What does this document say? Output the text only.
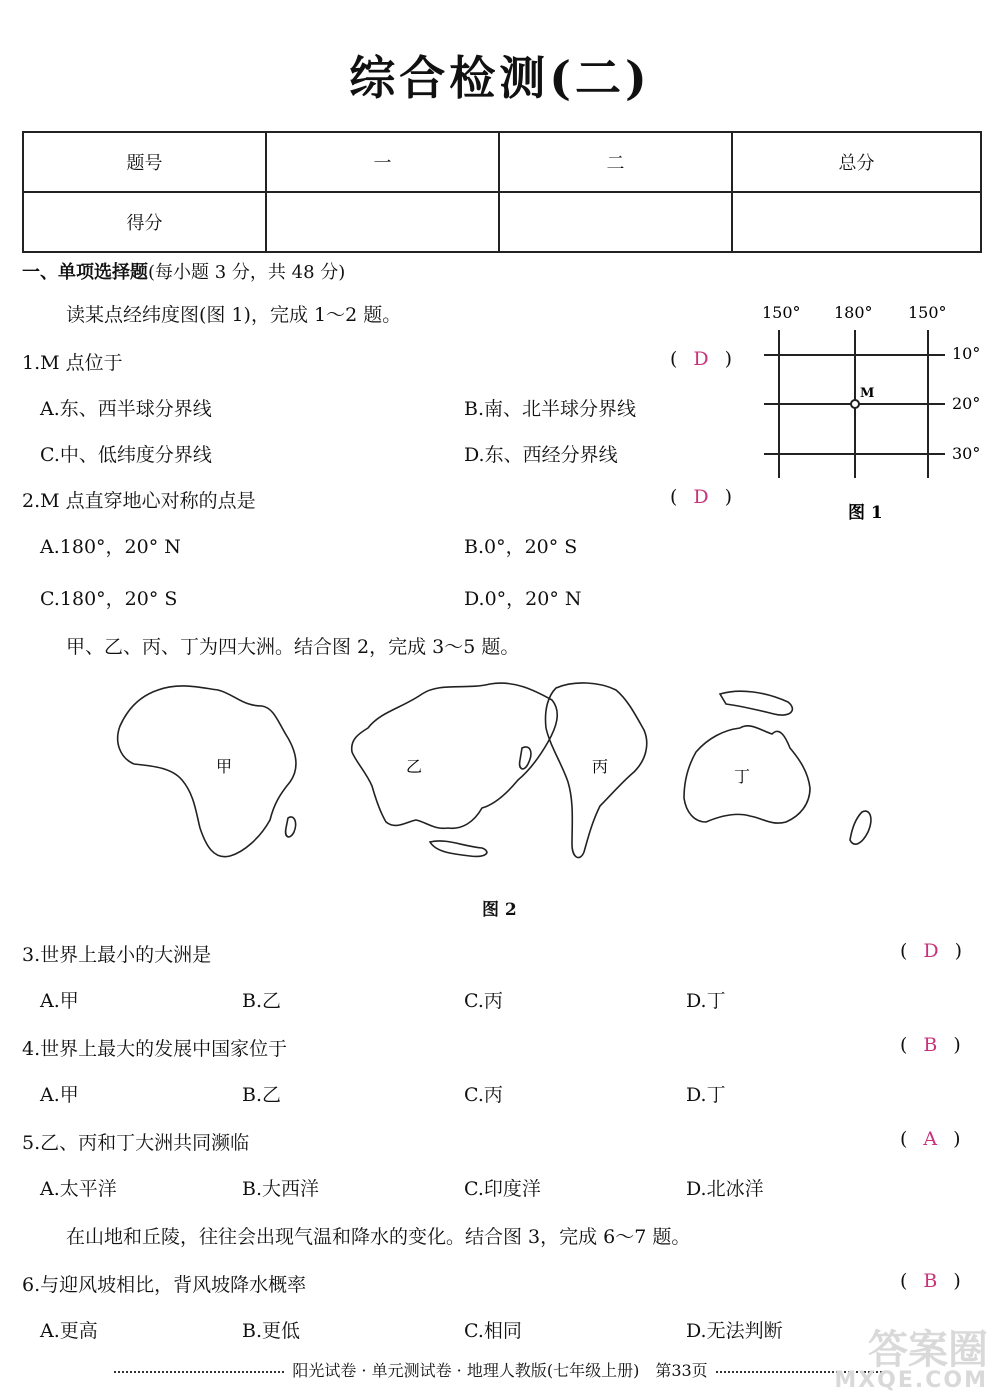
综合检测(二)
题号	一	二	总分
得分			
一、单项选择题(每小题 3 分，共 48 分)
读某点经纬度图(图 1)，完成 1～2 题。
1.M 点位于	( D )
A.东、西半球分界线	B.南、北半球分界线
C.中、低纬度分界线	D.东、西经分界线
2.M 点直穿地心对称的点是	( D )
A.180°，20° N	B.0°，20° S
C.180°，20° S	D.0°，20° N
150° 180° 150°
10°
20°
30°
M
图 1
甲、乙、丙、丁为四大洲。结合图 2，完成 3～5 题。
甲	乙	丙
丁
图 2
3.世界上最小的大洲是	( D )
A.甲	B.乙	C.丙	D.丁
4.世界上最大的发展中国家位于	( B )
A.甲	B.乙	C.丙	D.丁
5.乙、丙和丁大洲共同濒临	( A )
A.太平洋	B.大西洋	C.印度洋	D.北冰洋
在山地和丘陵，往往会出现气温和降水的变化。结合图 3，完成 6～7 题。
6.与迎风坡相比，背风坡降水概率	( B )
A.更高	B.更低	C.相同	D.无法判断
阳光试卷 · 单元测试卷 · 地理人教版(七年级上册)　第33页	答案圈
MXQE.COM
